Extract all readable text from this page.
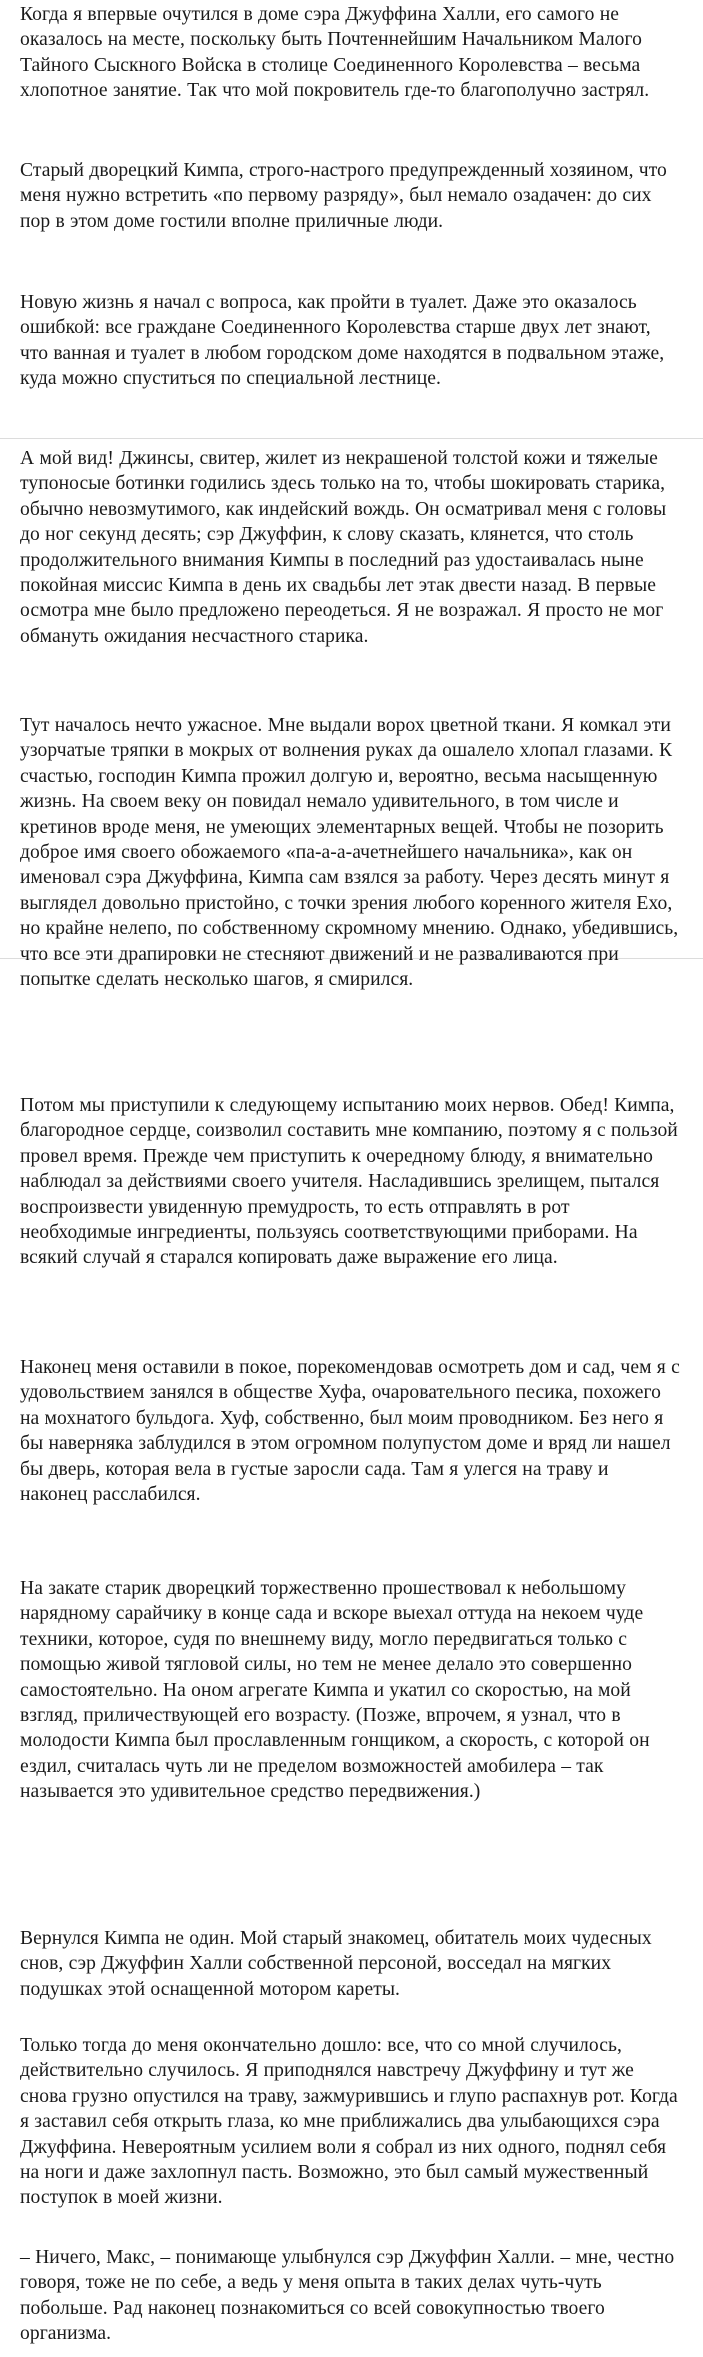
Когда я впервые очутился в доме сэра Джуффина Халли, его самого не оказалось на месте, поскольку быть Почтеннейшим Начальником Малого Тайного Сыскного Войска в столице Соединенного Королевства – весьма хлопотное занятие. Так что мой покровитель где-то благополучно застрял.

Старый дворецкий Кимпа, строго-настрого предупрежденный хозяином, что меня нужно встретить «по первому разряду», был немало озадачен: до сих пор в этом доме гостили вполне приличные люди.

Новую жизнь я начал с вопроса, как пройти в туалет. Даже это оказалось ошибкой: все граждане Соединенного Королевства старше двух лет знают, что ванная и туалет в любом городском доме находятся в подвальном этаже, куда можно спуститься по специальной лестнице.

А мой вид! Джинсы, свитер, жилет из некрашеной толстой кожи и тяжелые тупоносые ботинки годились здесь только на то, чтобы шокировать старика, обычно невозмутимого, как индейский вождь. Он осматривал меня с головы до ног секунд десять; сэр Джуффин, к слову сказать, клянется, что столь продолжительного внимания Кимпы в последний раз удостаивалась ныне покойная миссис Кимпа в день их свадьбы лет этак двести назад. В первые осмотра мне было предложено переодеться. Я не возражал. Я просто не мог обмануть ожидания несчастного старика.

Тут началось нечто ужасное. Мне выдали ворох цветной ткани. Я комкал эти узорчатые тряпки в мокрых от волнения руках да ошалело хлопал глазами. К счастью, господин Кимпа прожил долгую и, вероятно, весьма насыщенную жизнь. На своем веку он повидал немало удивительного, в том числе и кретинов вроде меня, не умеющих элементарных вещей. Чтобы не позорить доброе имя своего обожаемого «па-а-а-ачетнейшего начальника», как он именовал сэра Джуффина, Кимпа сам взялся за работу. Через десять минут я выглядел довольно пристойно, с точки зрения любого коренного жителя Ехо, но крайне нелепо, по собственному скромному мнению. Однако, убедившись, что все эти драпировки не стесняют движений и не разваливаются при попытке сделать несколько шагов, я смирился.

Потом мы приступили к следующему испытанию моих нервов. Обед! Кимпа, благородное сердце, соизволил составить мне компанию, поэтому я с пользой провел время. Прежде чем приступить к очередному блюду, я внимательно наблюдал за действиями своего учителя. Насладившись зрелищем, пытался воспроизвести увиденную премудрость, то есть отправлять в рот необходимые ингредиенты, пользуясь соответствующими приборами. На всякий случай я старался копировать даже выражение его лица.

Наконец меня оставили в покое, порекомендовав осмотреть дом и сад, чем я с удовольствием занялся в обществе Хуфа, очаровательного песика, похожего на мохнатого бульдога. Хуф, собственно, был моим проводником. Без него я бы наверняка заблудился в этом огромном полупустом доме и вряд ли нашел бы дверь, которая вела в густые заросли сада. Там я улегся на траву и наконец расслабился.

На закате старик дворецкий торжественно прошествовал к небольшому нарядному сарайчику в конце сада и вскоре выехал оттуда на некоем чуде техники, которое, судя по внешнему виду, могло передвигаться только с помощью живой тягловой силы, но тем не менее делало это совершенно самостоятельно. На оном агрегате Кимпа и укатил со скоростью, на мой взгляд, приличествующей его возрасту. (Позже, впрочем, я узнал, что в молодости Кимпа был прославленным гонщиком, а скорость, с которой он ездил, считалась чуть ли не пределом возможностей амобилера – так называется это удивительное средство передвижения.)

Вернулся Кимпа не один. Мой старый знакомец, обитатель моих чудесных снов, сэр Джуффин Халли собственной персоной, восседал на мягких подушках этой оснащенной мотором кареты.

Только тогда до меня окончательно дошло: все, что со мной случилось, действительно случилось. Я приподнялся навстречу Джуффину и тут же снова грузно опустился на траву, зажмурившись и глупо распахнув рот. Когда я заставил себя открыть глаза, ко мне приближались два улыбающихся сэра Джуффина. Невероятным усилием воли я собрал из них одного, поднял себя на ноги и даже захлопнул пасть. Возможно, это был самый мужественный поступок в моей жизни.

– Ничего, Макс, – понимающе улыбнулся сэр Джуффин Халли. – мне, честно говоря, тоже не по себе, а ведь у меня опыта в таких делах чуть-чуть побольше. Рад наконец познакомиться со всей совокупностью твоего организма.
